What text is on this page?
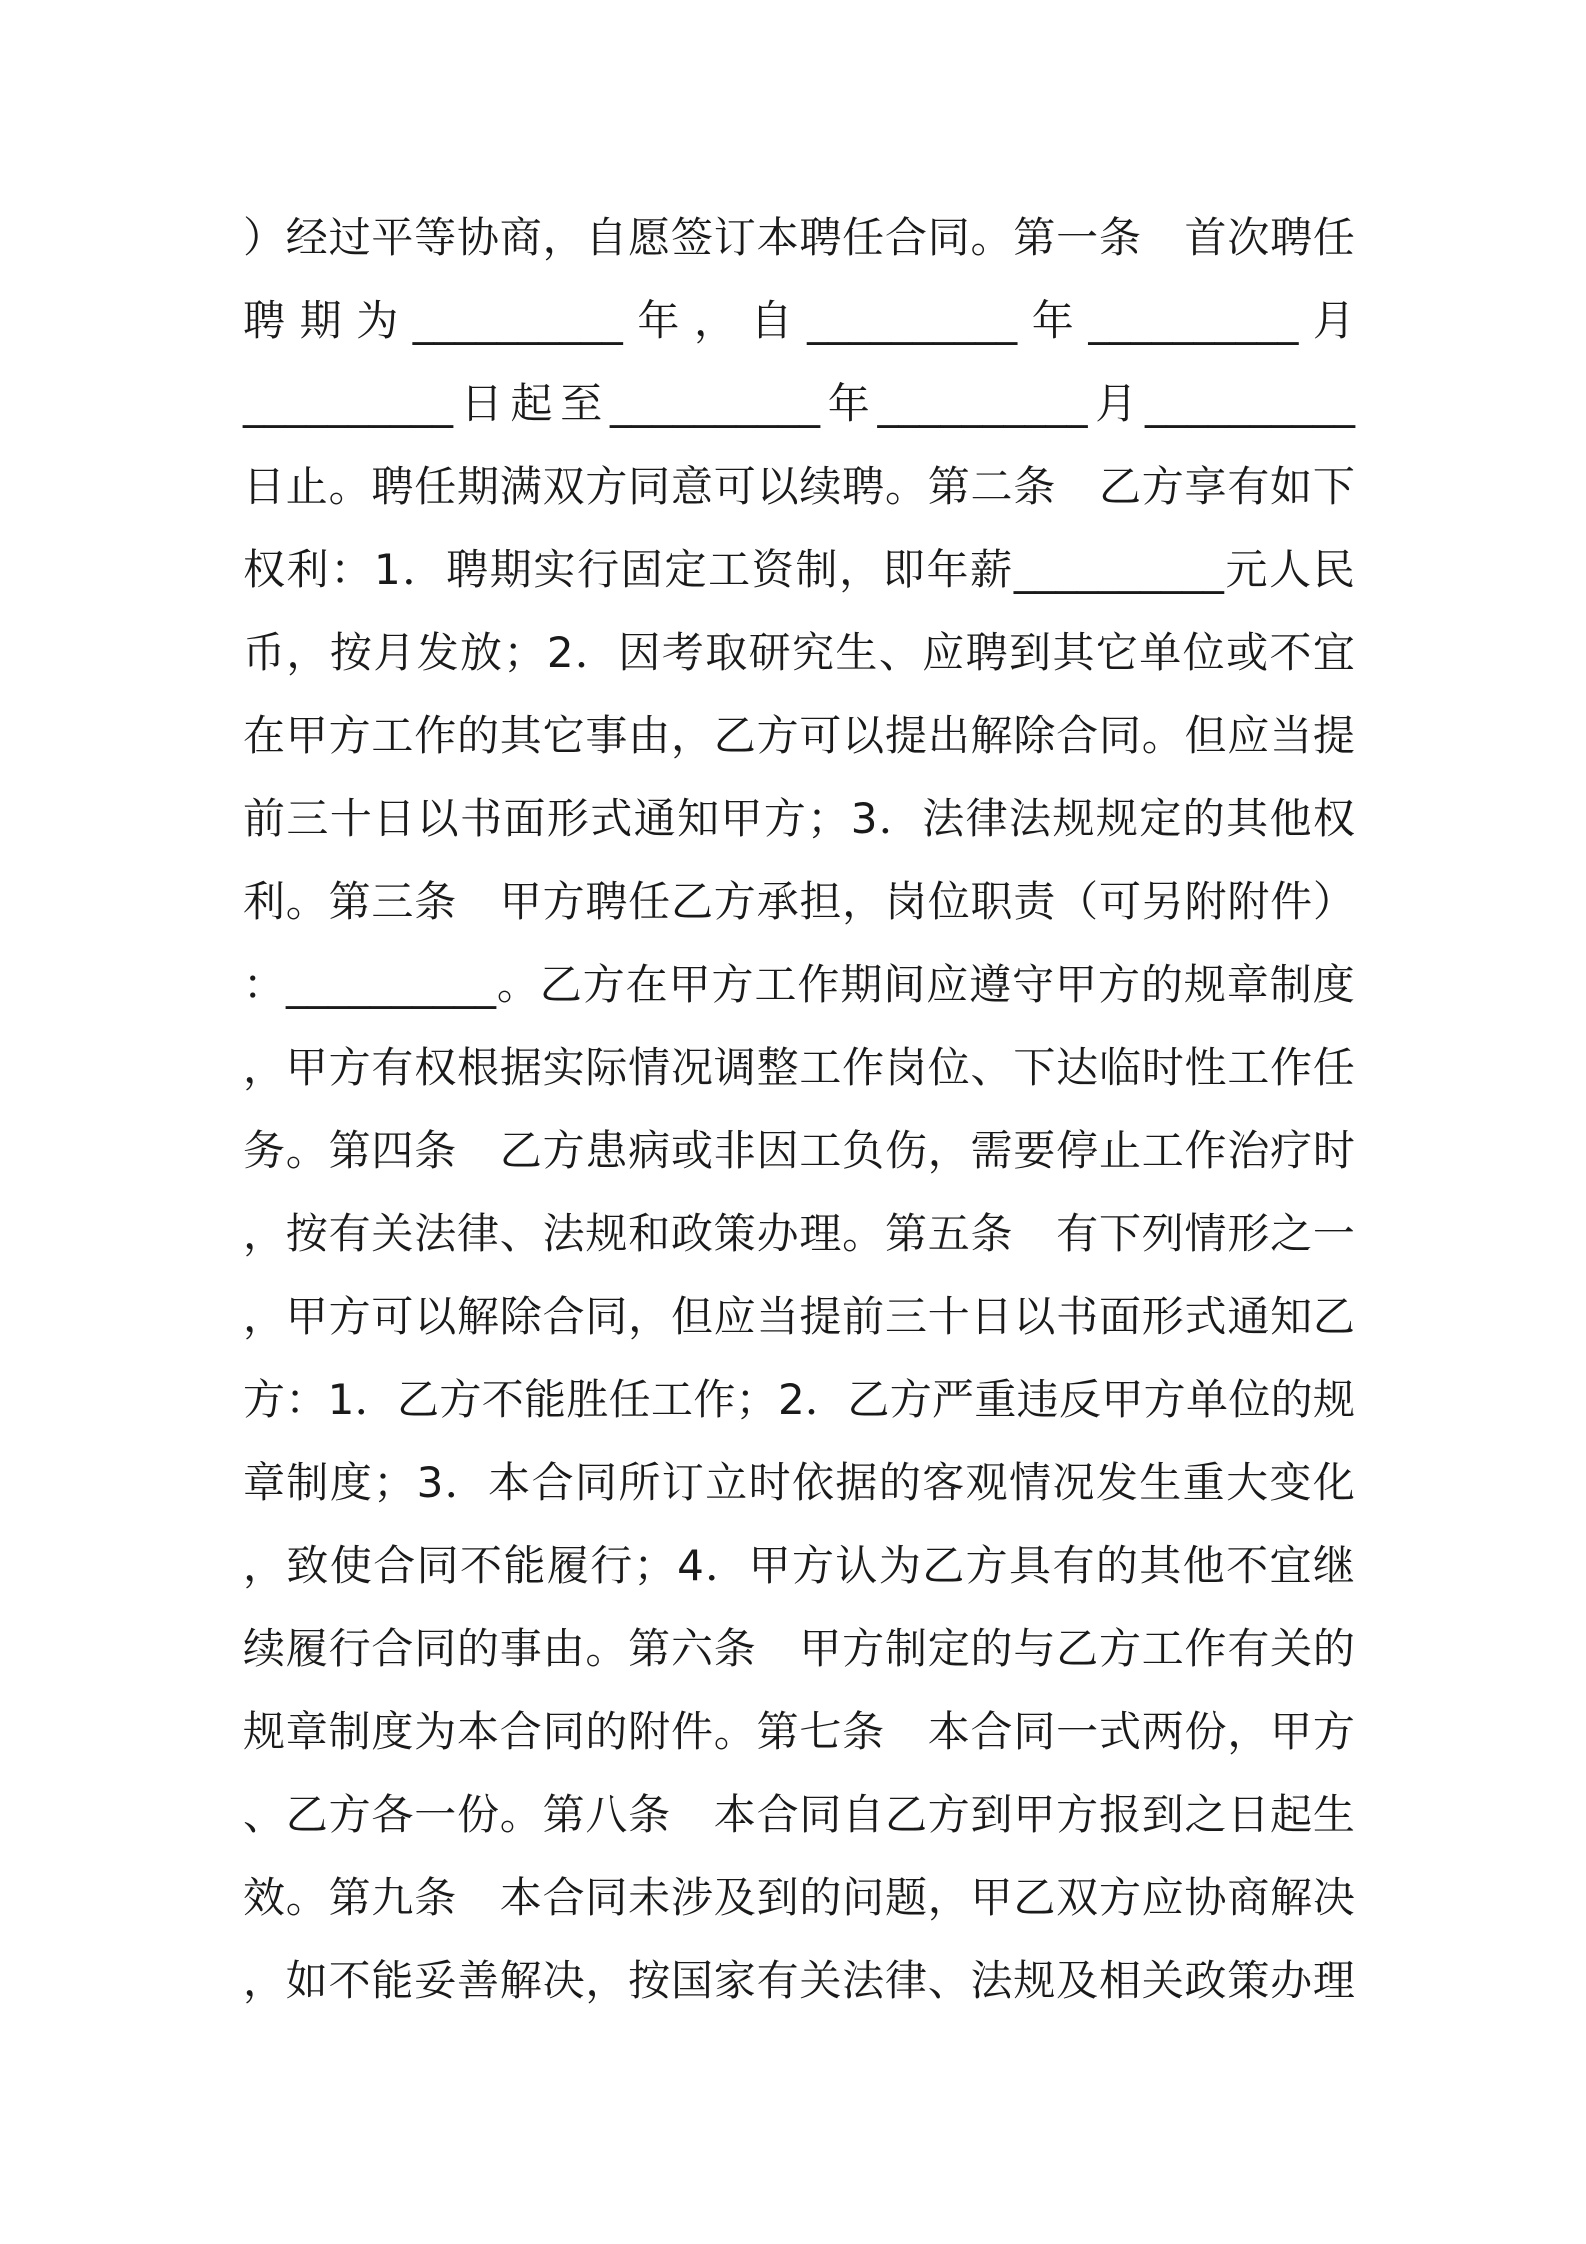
） 经 过 平 等 协 商 ， 自 愿 签 订 本 聘 任 合 同 。 第 一 条
　 首 次 聘 任
聘 期 为 __________ 年 ， 自 __________ 年 __________ 月
__________ 日 起 至 __________ 年 __________ 月 __________
日 止 。 聘 任 期 满 双 方 同 意 可 以 续 聘 。 第 二 条
　 乙 方 享 有 如 下
权 利 ： 1 ． 聘 期 实 行 固 定 工 资 制 ， 即 年 薪 __________ 元 人 民
币 ， 按 月 发 放 ； 2 ． 因 考 取 研 究 生 、 应 聘 到 其 它 单 位 或 不 宜
在 甲 方 工 作 的 其 它 事 由 ， 乙 方 可 以 提 出 解 除 合 同 。 但 应 当 提
前 三 十 日 以 书 面 形 式 通 知 甲 方 ； 3 ． 法 律 法 规 规 定 的 其 他 权
利 。 第 三 条
　 甲 方 聘 任 乙 方 承 担 ， 岗 位 职 责 （ 可 另 附 附 件 ）
： __________ 。 乙 方 在 甲 方 工 作 期 间 应 遵 守 甲 方 的 规 章 制 度
， 甲 方 有 权 根 据 实 际 情 况 调 整 工 作 岗 位 、 下 达 临 时 性 工 作 任
务 。 第 四 条
　 乙 方 患 病 或 非 因 工 负 伤 ， 需 要 停 止 工 作 治 疗 时
， 按 有 关 法 律 、 法 规 和 政 策 办 理 。 第 五 条
　 有 下 列 情 形 之 一
， 甲 方 可 以 解 除 合 同 ， 但 应 当 提 前 三 十 日 以 书 面 形 式 通 知 乙
方 ： 1 ． 乙 方 不 能 胜 任 工 作 ； 2 ． 乙 方 严 重 违 反 甲 方 单 位 的 规
章 制 度 ； 3 ． 本 合 同 所 订 立 时 依 据 的 客 观 情 况 发 生 重 大 变 化
， 致 使 合 同 不 能 履 行 ； 4 ． 甲 方 认 为 乙 方 具 有 的 其 他 不 宜 继
续 履 行 合 同 的 事 由 。 第 六 条
　 甲 方 制 定 的 与 乙 方 工 作 有 关 的
规 章 制 度 为 本 合 同 的 附 件 。 第 七 条
　 本 合 同 一 式 两 份 ， 甲 方
、 乙 方 各 一 份 。 第 八 条
　 本 合 同 自 乙 方 到 甲 方 报 到 之 日 起 生
效 。 第 九 条
　 本 合 同 未 涉 及 到 的 问 题 ， 甲 乙 双 方 应 协 商 解 决
， 如 不 能 妥 善 解 决 ， 按 国 家 有 关 法 律 、 法 规 及 相 关 政 策 办 理
